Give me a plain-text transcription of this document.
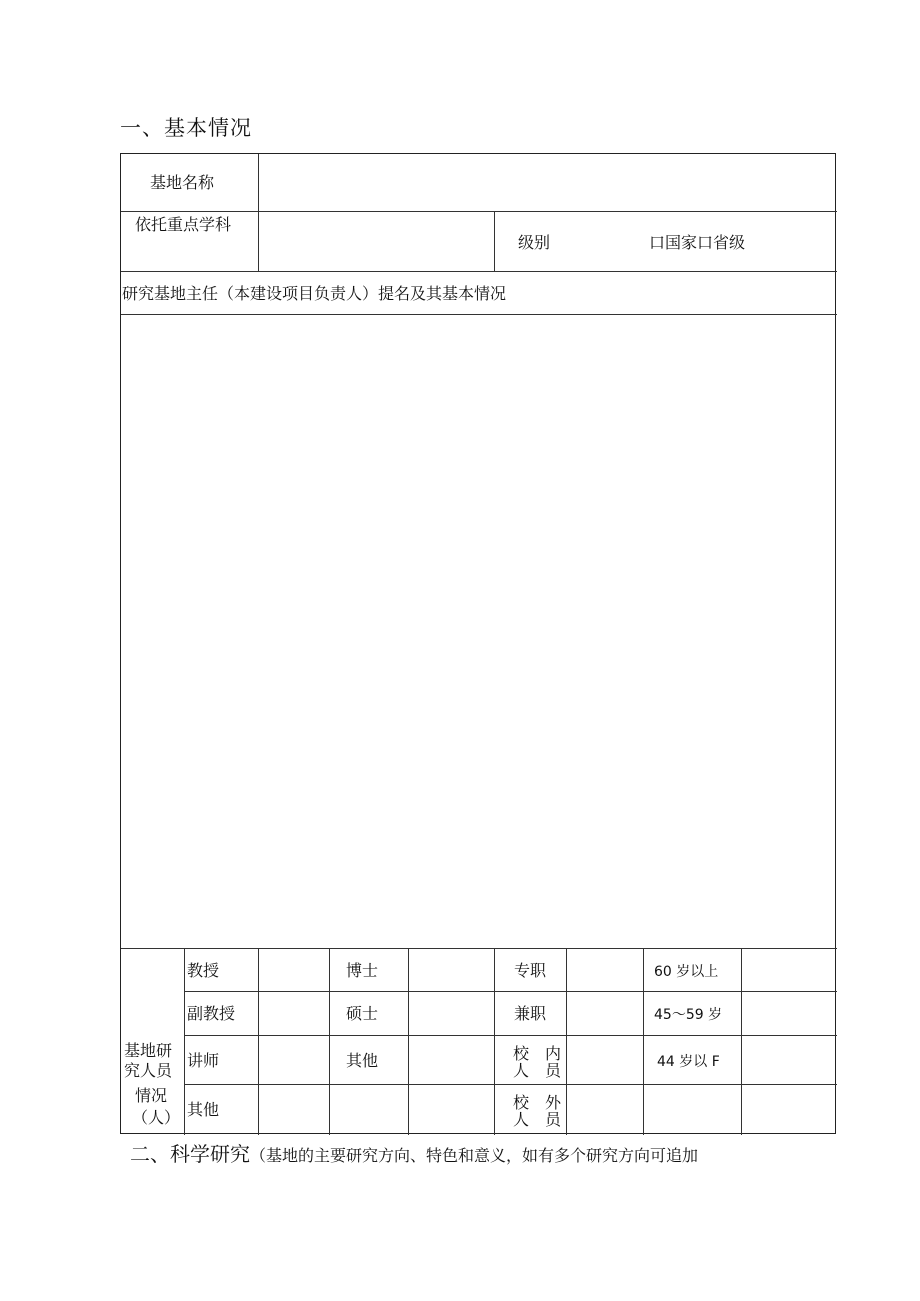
一、基本情况
基地名称
依托重点学科
级别	口国家口省级
研究基地主任（本建设项目负责人）提名及其基本情况
基地研
究人员
情况
（人）
教授
副教授
讲师
其他
博士
硕士
其他
专职
兼职
校　内
人　员
校　外
人　员
60 岁以上
45～59 岁
44 岁以 F
二、科学研究（基地的主要研究方向、特色和意义，如有多个研究方向可追加
